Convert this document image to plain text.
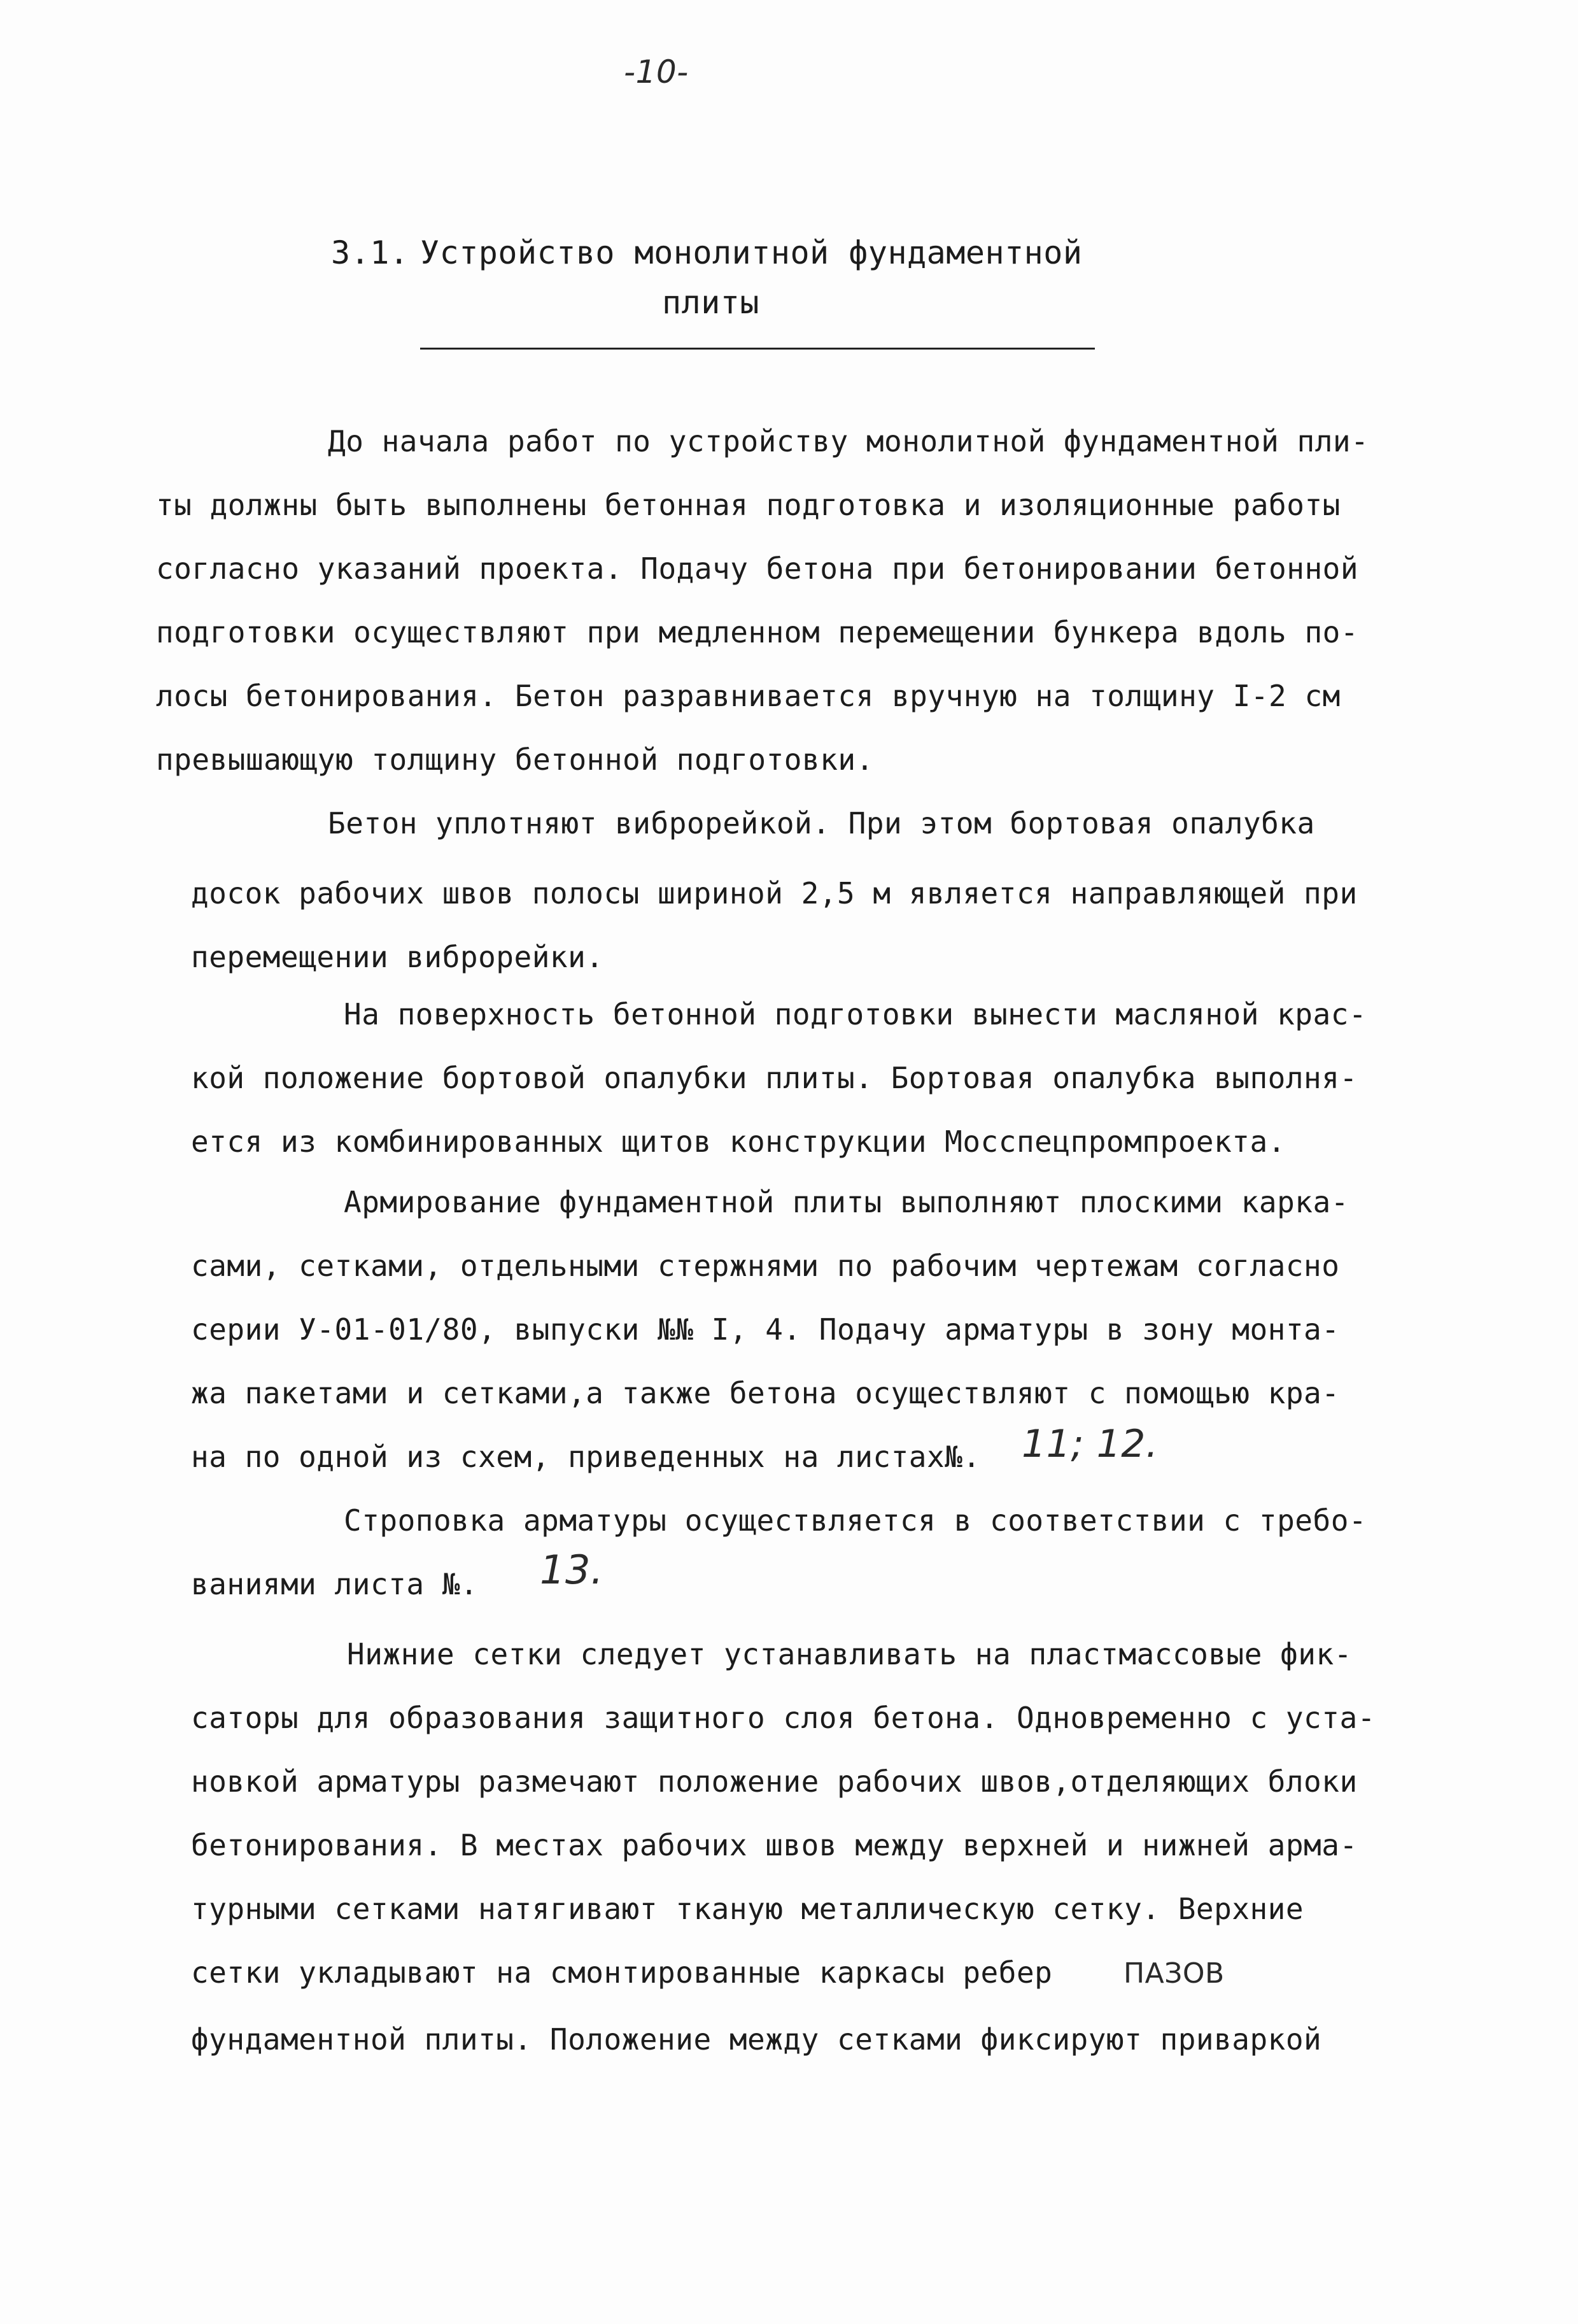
-10-
3.1. Устройство монолитной фундаментной
плиты
До начала работ по устройству монолитной фундаментной пли-
ты должны быть выполнены бетонная подготовка и изоляционные работы
согласно указаний проекта. Подачу бетона при бетонировании бетонной
подготовки осуществляют при медленном перемещении бункера вдоль по-
лосы бетонирования. Бетон разравнивается вручную на толщину I-2 см
превышающую толщину бетонной подготовки.
Бетон уплотняют виброрейкой. При этом бортовая опалубка
досок рабочих швов полосы шириной 2,5 м является направляющей при
перемещении виброрейки.
На поверхность бетонной подготовки вынести масляной крас-
кой положение бортовой опалубки плиты. Бортовая опалубка выполня-
ется из комбинированных щитов конструкции Мосспецпромпроекта.
Армирование фундаментной плиты выполняют плоскими карка-
сами, сетками, отдельными стержнями по рабочим чертежам согласно
серии У-01-01/80, выпуски №№ I, 4. Подачу арматуры в зону монта-
жа пакетами и сетками,а также бетона осуществляют с помощью кра-
на по одной из схем, приведенных на листах№. 11; 12.
Строповка арматуры осуществляется в соответствии с требо-
ваниями листа №. 13.
Нижние сетки следует устанавливать на пластмассовые фик-
саторы для образования защитного слоя бетона. Одновременно с уста-
новкой арматуры размечают положение рабочих швов,отделяющих блоки
бетонирования. В местах рабочих швов между верхней и нижней арма-
турными сетками натягивают тканую металлическую сетку. Верхние
сетки укладывают на смонтированные каркасы ребер	ПАЗОВ
фундаментной плиты. Положение между сетками фиксируют приваркой
